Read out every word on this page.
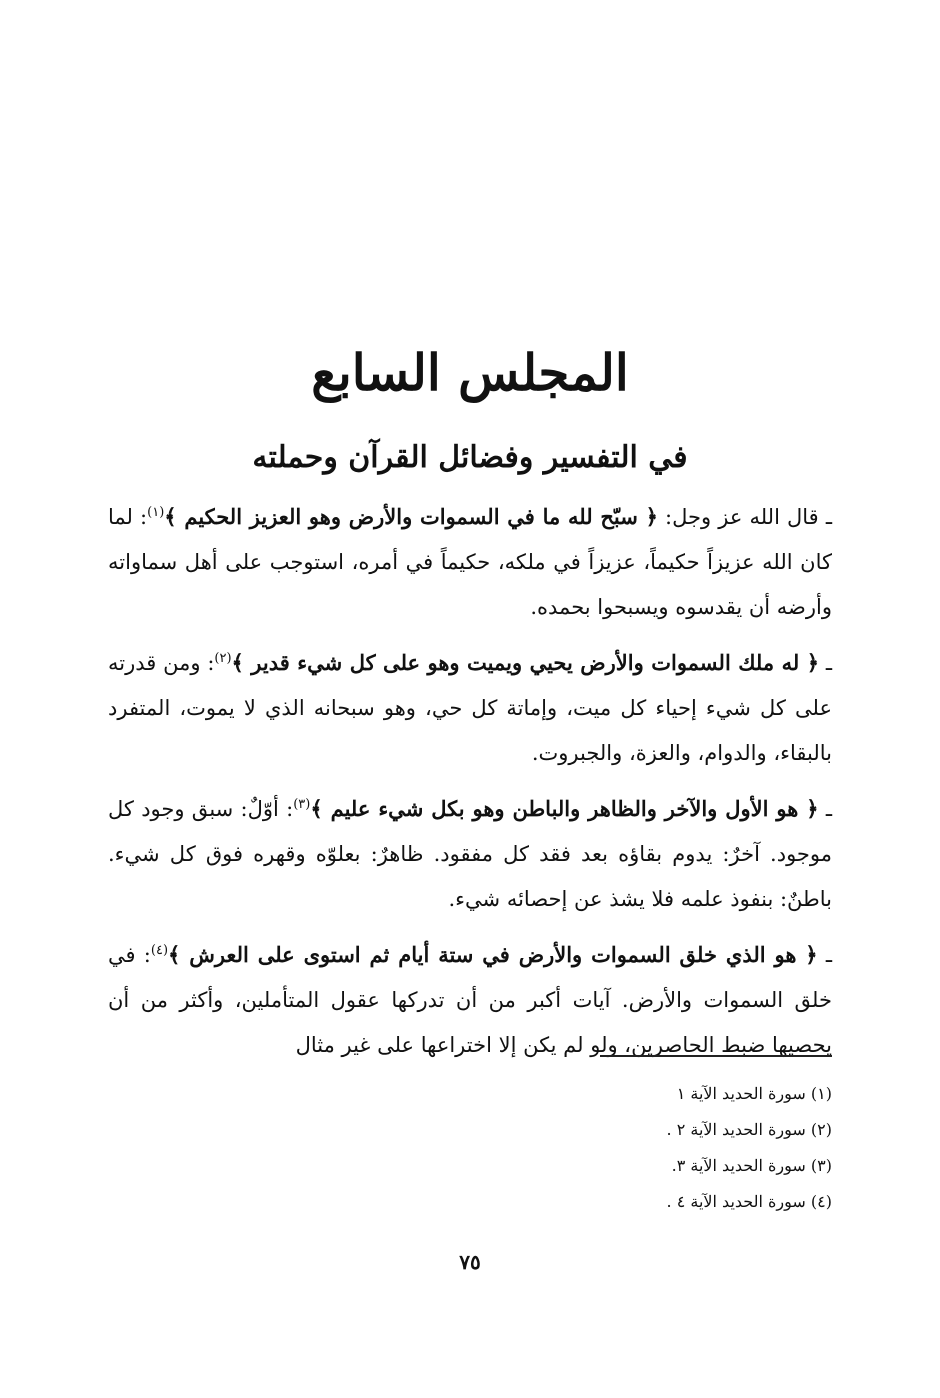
المجلس السابع
في التفسير وفضائل القرآن وحملته

ـ قال الله عز وجل: ﴿ سبّح لله ما في السموات والأرض وهو العزيز الحكيم ﴾$^{(١)}$: لما كان الله عزيزاً حكيماً، عزيزاً في ملكه، حكيماً في أمره، استوجب على أهل سماواته وأرضه أن يقدسوه ويسبحوا بحمده.

ـ ﴿ له ملك السموات والأرض يحيي ويميت وهو على كل شيء قدير ﴾$^{(٢)}$: ومن قدرته على كل شيء إحياء كل ميت، وإماتة كل حي، وهو سبحانه الذي لا يموت، المتفرد بالبقاء، والدوام، والعزة، والجبروت.

ـ ﴿ هو الأول والآخر والظاهر والباطن وهو بكل شيء عليم ﴾$^{(٣)}$: أوّلٌ: سبق وجود كل موجود. آخرٌ: يدوم بقاؤه بعد فقد كل مفقود. ظاهرٌ: بعلوّه وقهره فوق كل شيء. باطنٌ: بنفوذ علمه فلا يشذ عن إحصائه شيء.

ـ ﴿ هو الذي خلق السموات والأرض في ستة أيام ثم استوى على العرش ﴾$^{(٤)}$: في خلق السموات والأرض. آيات أكبر من أن تدركها عقول المتأملين، وأكثر من أن يحصيها ضبط الحاصرين، ولو لم يكن إلا اختراعها على غير مثال

(١) سورة الحديد الآية ١
(٢) سورة الحديد الآية ٢ .
(٣) سورة الحديد الآية ٣.
(٤) سورة الحديد الآية ٤ .
٧٥
